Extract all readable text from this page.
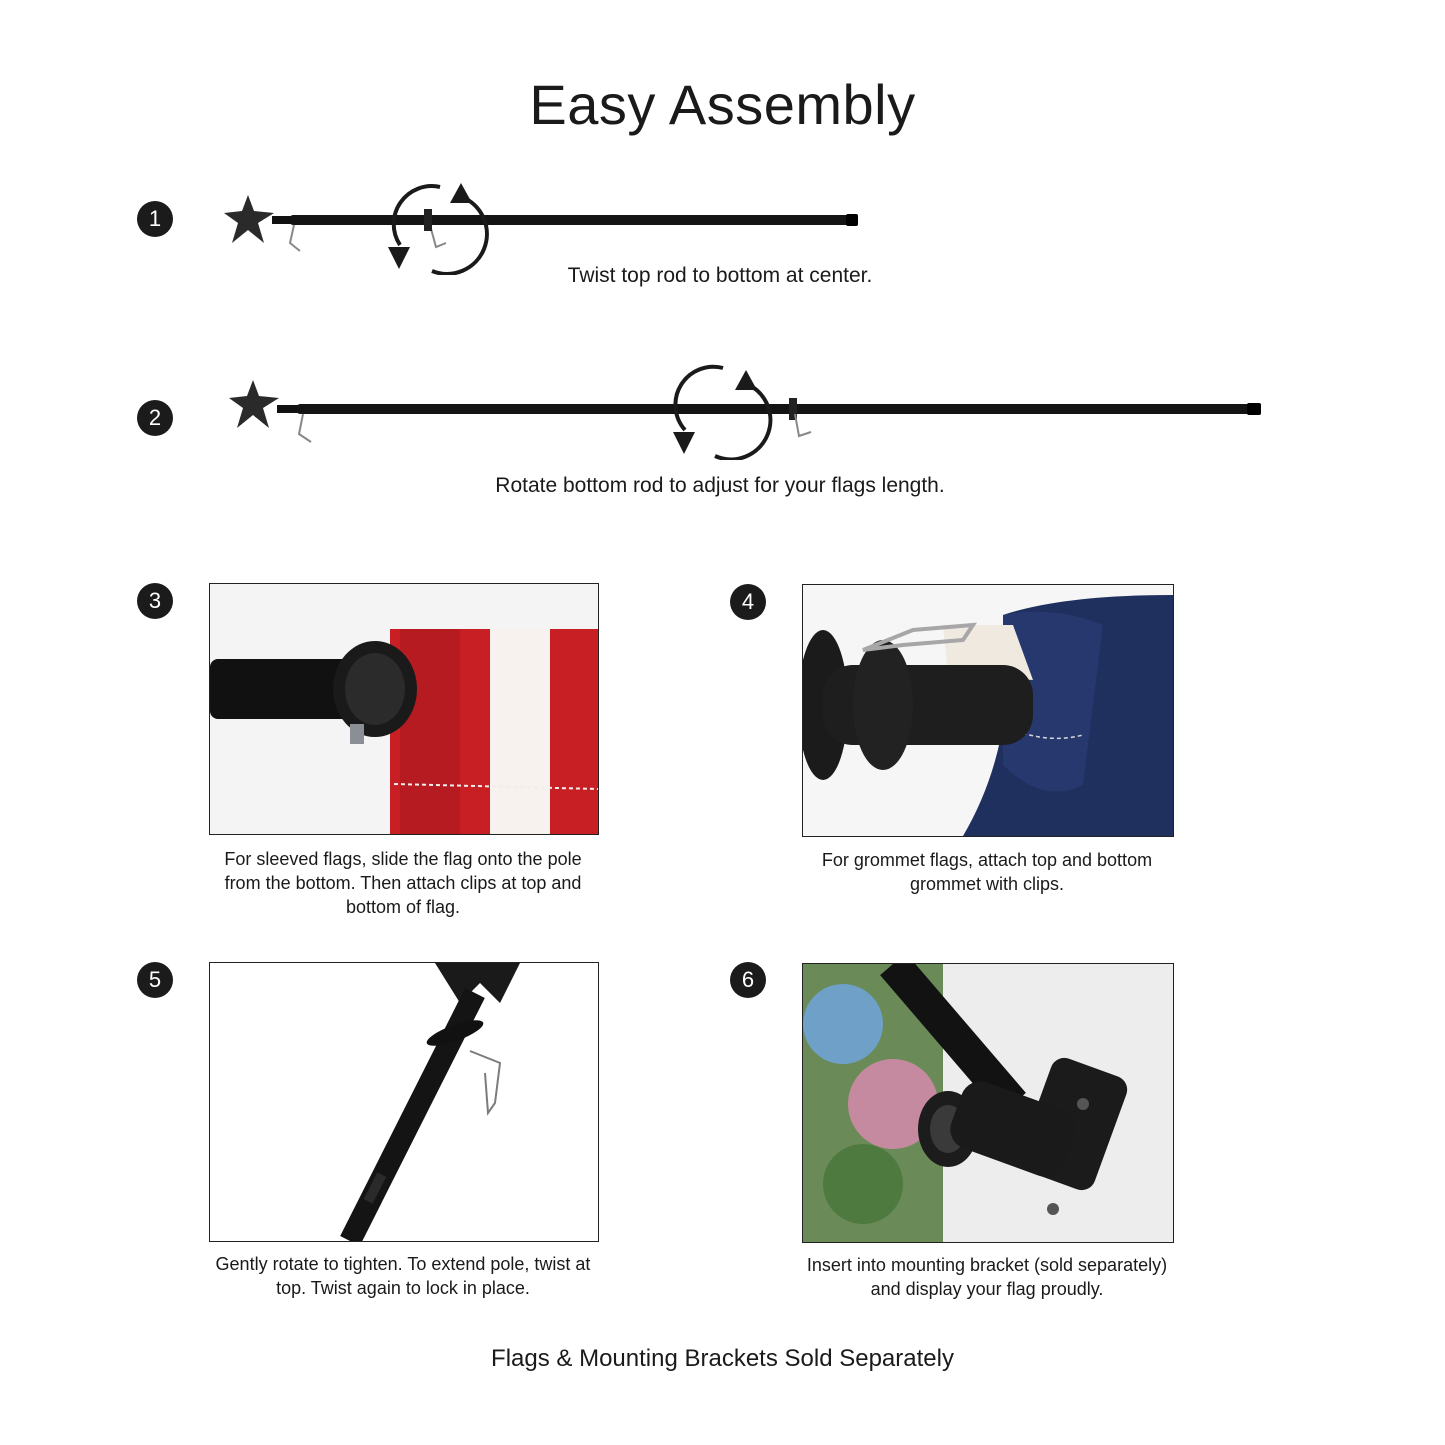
Easy Assembly
1
Twist top rod to bottom at center.
2
Rotate bottom rod to adjust for your flags length.
3
For sleeved flags, slide the flag onto the pole from the bottom. Then attach clips at top and bottom of flag.
4
For grommet flags, attach top and bottom grommet with clips.
5
Gently rotate to tighten. To extend pole, twist at top. Twist again to lock in place.
6
Insert into mounting bracket (sold separately) and display your flag proudly.
Flags & Mounting Brackets Sold Separately
